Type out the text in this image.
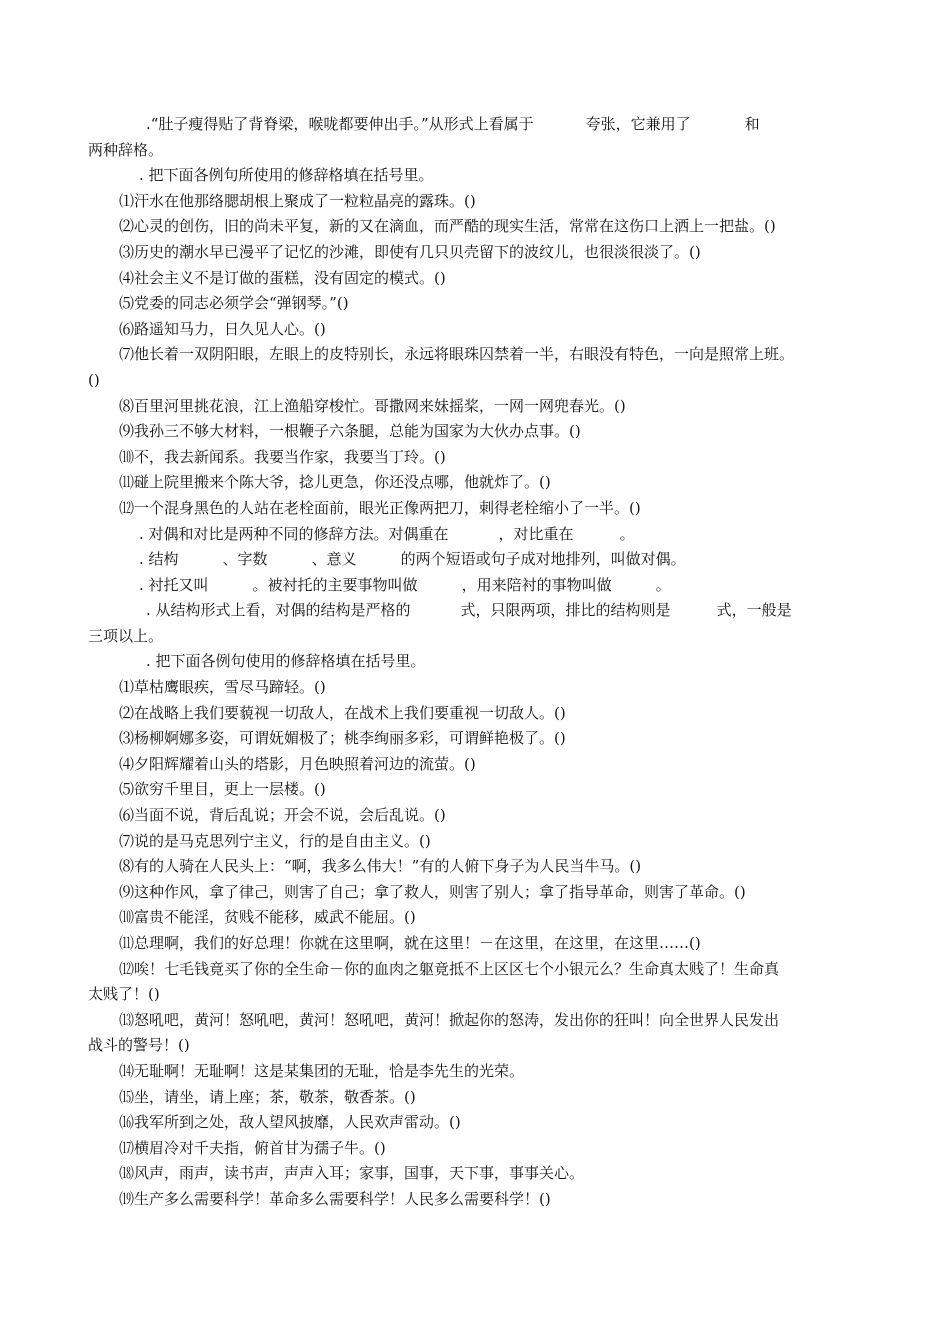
.“肚子瘦得贴了背脊梁，喉咙都要伸出手。”从形式上看属于	夸张，它兼用了	和
两种辞格。
. 把下面各例句所使用的修辞格填在括号里。
⑴汗水在他那络腮胡根上聚成了一粒粒晶亮的露珠。()
⑵心灵的创伤，旧的尚未平复，新的又在滴血，而严酷的现实生活，常常在这伤口上洒上一把盐。()
⑶历史的潮水早已漫平了记忆的沙滩，即使有几只贝壳留下的波纹儿，也很淡很淡了。()
⑷社会主义不是订做的蛋糕，没有固定的模式。()
⑸党委的同志必须学会“弹钢琴。”()
⑹路遥知马力，日久见人心。()
⑺他长着一双阴阳眼，左眼上的皮特别长，永远将眼珠囚禁着一半，右眼没有特色，一向是照常上班。
()
⑻百里河里挑花浪，江上渔船穿梭忙。哥撒网来妹摇桨，一网一网兜春光。()
⑼我孙三不够大材料，一根鞭子六条腿，总能为国家为大伙办点事。()
⑽不，我去新闻系。我要当作家，我要当丁玲。()
⑾碰上院里搬来个陈大爷，捻儿更急，你还没点哪，他就炸了。()
⑿一个混身黑色的人站在老栓面前，眼光正像两把刀，刺得老栓缩小了一半。()
. 对偶和对比是两种不同的修辞方法。对偶重在	，对比重在	。
. 结构	、字数	、意义	的两个短语或句子成对地排列，叫做对偶。
. 衬托又叫	。被衬托的主要事物叫做	，用来陪衬的事物叫做	。
. 从结构形式上看，对偶的结构是严格的	式，只限两项，排比的结构则是	式，一般是
三项以上。
. 把下面各例句使用的修辞格填在括号里。
⑴草枯鹰眼疾，雪尽马蹄轻。()
⑵在战略上我们要藐视一切敌人，在战术上我们要重视一切敌人。()
⑶杨柳婀娜多姿，可谓妩媚极了；桃李绚丽多彩，可谓鲜艳极了。()
⑷夕阳辉耀着山头的塔影，月色映照着河边的流萤。()
⑸欲穷千里目，更上一层楼。()
⑹当面不说，背后乱说；开会不说，会后乱说。()
⑺说的是马克思列宁主义，行的是自由主义。()
⑻有的人骑在人民头上：“啊，我多么伟大！”有的人俯下身子为人民当牛马。()
⑼这种作风，拿了律己，则害了自己；拿了救人，则害了别人；拿了指导革命，则害了革命。()
⑽富贵不能淫，贫贱不能移，威武不能屈。()
⑾总理啊，我们的好总理！你就在这里啊，就在这里！－在这里，在这里，在这里……()
⑿唉！七毛钱竟买了你的全生命－你的血肉之躯竟抵不上区区七个小银元么？生命真太贱了！生命真
太贱了！()
⒀怒吼吧，黄河！怒吼吧，黄河！怒吼吧，黄河！掀起你的怒涛，发出你的狂叫！向全世界人民发出
战斗的警号！()
⒁无耻啊！无耻啊！这是某集团的无耻，恰是李先生的光荣。
⒂坐，请坐，请上座；茶，敬茶，敬香茶。()
⒃我军所到之处，敌人望风披靡，人民欢声雷动。()
⒄横眉冷对千夫指，俯首甘为孺子牛。()
⒅风声，雨声，读书声，声声入耳；家事，国事，天下事，事事关心。
⒆生产多么需要科学！革命多么需要科学！人民多么需要科学！()
